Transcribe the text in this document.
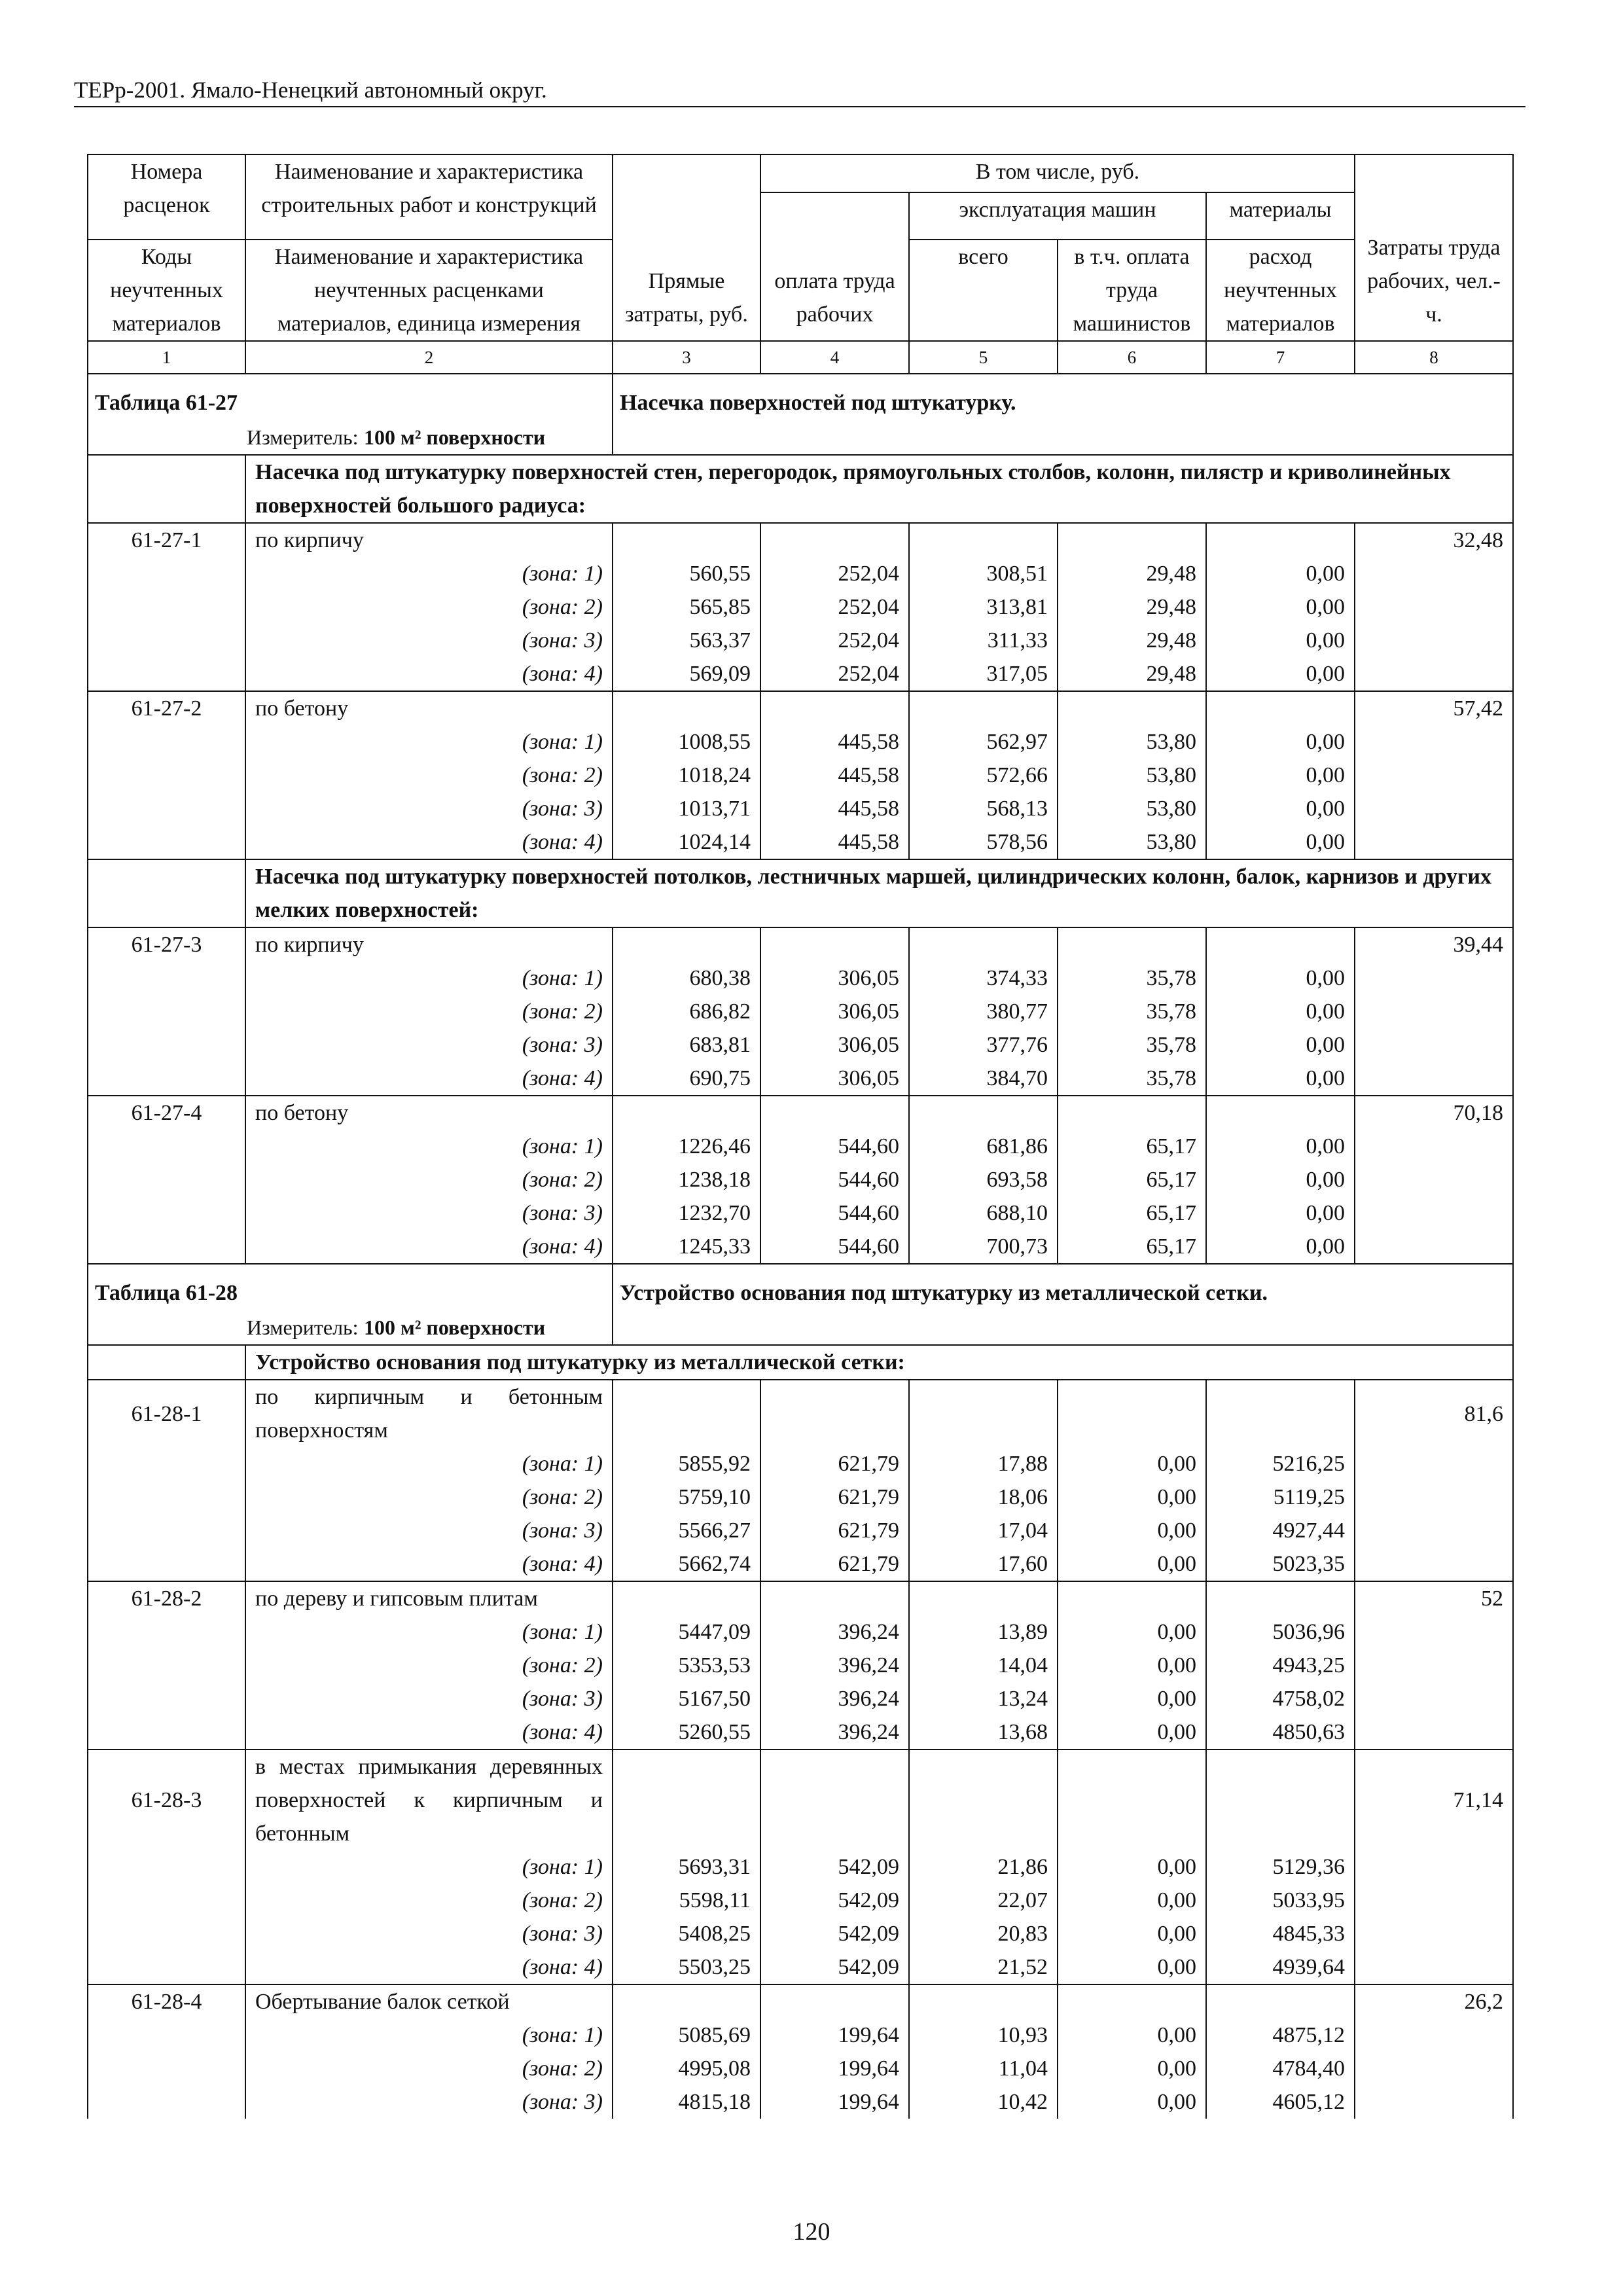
ТЕРр-2001. Ямало-Ненецкий автономный округ.
Номера расценок	Наименование и характеристика строительных работ и конструкций	Прямые затраты, руб.	В том числе, руб.				Затраты труда рабочих, чел.-ч.
			оплата труда рабочих	эксплуатация машин		материалы	
Коды неучтенных материалов	Наименование и характеристика неучтенных расценками материалов, единица измерения			всего	в т.ч. оплата труда машинистов	расход неучтенных материалов	
1	2	3	4	5	6	7	8
Таблица 61-27		Насечка поверхностей под штукатурку.					
Измеритель: 100 м² поверхности							
	Насечка под штукатурку поверхностей стен, перегородок, прямоугольных столбов, колонн, пилястр и криволинейных поверхностей большого радиуса:						
61-27-1	по кирпичу						32,48
	(зона: 1)	560,55	252,04	308,51	29,48	0,00	
	(зона: 2)	565,85	252,04	313,81	29,48	0,00	
	(зона: 3)	563,37	252,04	311,33	29,48	0,00	
	(зона: 4)	569,09	252,04	317,05	29,48	0,00	
61-27-2	по бетону						57,42
	(зона: 1)	1008,55	445,58	562,97	53,80	0,00	
	(зона: 2)	1018,24	445,58	572,66	53,80	0,00	
	(зона: 3)	1013,71	445,58	568,13	53,80	0,00	
	(зона: 4)	1024,14	445,58	578,56	53,80	0,00	
	Насечка под штукатурку поверхностей потолков, лестничных маршей, цилиндрических колонн, балок, карнизов и других мелких поверхностей:						
61-27-3	по кирпичу						39,44
	(зона: 1)	680,38	306,05	374,33	35,78	0,00	
	(зона: 2)	686,82	306,05	380,77	35,78	0,00	
	(зона: 3)	683,81	306,05	377,76	35,78	0,00	
	(зона: 4)	690,75	306,05	384,70	35,78	0,00	
61-27-4	по бетону						70,18
	(зона: 1)	1226,46	544,60	681,86	65,17	0,00	
	(зона: 2)	1238,18	544,60	693,58	65,17	0,00	
	(зона: 3)	1232,70	544,60	688,10	65,17	0,00	
	(зона: 4)	1245,33	544,60	700,73	65,17	0,00	
Таблица 61-28		Устройство основания под штукатурку из металлической сетки.					
Измеритель: 100 м² поверхности							
	Устройство основания под штукатурку из металлической сетки:						
61-28-1	по кирпичным и бетонным поверхностям						81,6
	(зона: 1)	5855,92	621,79	17,88	0,00	5216,25	
	(зона: 2)	5759,10	621,79	18,06	0,00	5119,25	
	(зона: 3)	5566,27	621,79	17,04	0,00	4927,44	
	(зона: 4)	5662,74	621,79	17,60	0,00	5023,35	
61-28-2	по дереву и гипсовым плитам						52
	(зона: 1)	5447,09	396,24	13,89	0,00	5036,96	
	(зона: 2)	5353,53	396,24	14,04	0,00	4943,25	
	(зона: 3)	5167,50	396,24	13,24	0,00	4758,02	
	(зона: 4)	5260,55	396,24	13,68	0,00	4850,63	
61-28-3	в местах примыкания деревянных поверхностей к кирпичным и бетонным						71,14
	(зона: 1)	5693,31	542,09	21,86	0,00	5129,36	
	(зона: 2)	5598,11	542,09	22,07	0,00	5033,95	
	(зона: 3)	5408,25	542,09	20,83	0,00	4845,33	
	(зона: 4)	5503,25	542,09	21,52	0,00	4939,64	
61-28-4	Обертывание балок сеткой						26,2
	(зона: 1)	5085,69	199,64	10,93	0,00	4875,12	
	(зона: 2)	4995,08	199,64	11,04	0,00	4784,40	
	(зона: 3)	4815,18	199,64	10,42	0,00	4605,12	
120
